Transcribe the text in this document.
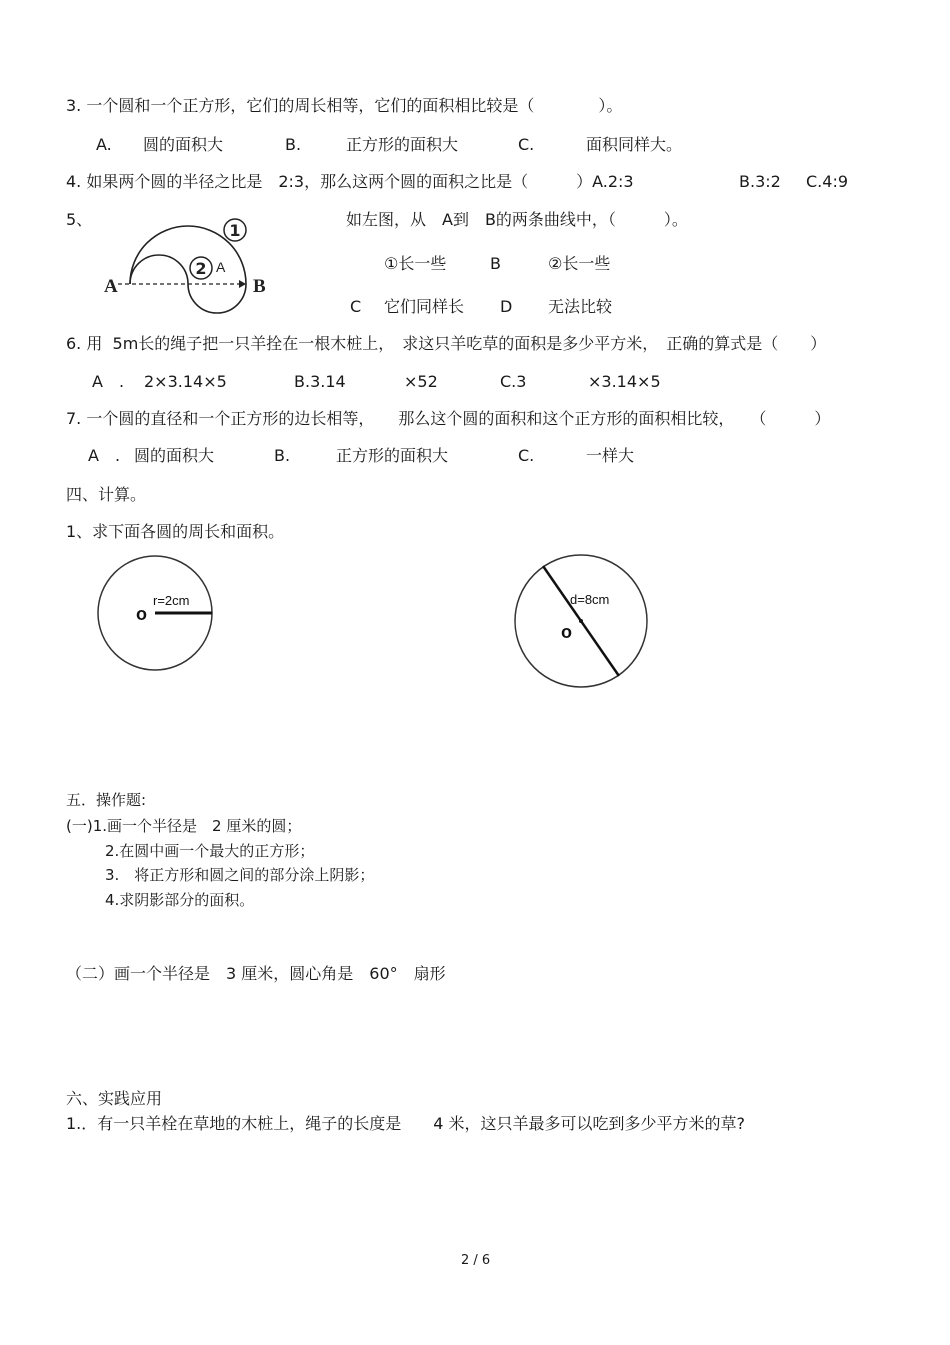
3. 一个圆和一个正方形，它们的周长相等，它们的面积相比较是（　　　　）。
A. 圆的面积大	B.	正方形的面积大	C.	面积同样大。
4. 如果两个圆的半径之比是　2:3，那么这两个圆的面积之比是（　　　）A.2:3	B.3:2 C.4:9
5、	如左图，从　A到　B的两条曲线中，（　　　）。
1
2 A
A	B
①长一些	B	②长一些
C 它们同样长 D 无法比较
6. 用  5m长的绳子把一只羊拴在一根木桩上，　求这只羊吃草的面积是多少平方米，　正确的算式是（　　）
A　. 2×3.14×5	B.3.14	×52	C.3	×3.14×5
7. 一个圆的直径和一个正方形的边长相等，　　那么这个圆的面积和这个正方形的面积相比较，　　（　　　）
A　. 圆的面积大	B.	正方形的面积大	C.	一样大
四、计算。
1、求下面各圆的周长和面积。
o
r=2cm
o
d=8cm
五．操作题:
(一)1.画一个半径是　2 厘米的圆；
2.在圆中画一个最大的正方形；
3.　将正方形和圆之间的部分涂上阴影；
4.求阴影部分的面积。
（二）画一个半径是　3 厘米，圆心角是　60°　扇形
六、实践应用
1.．有一只羊栓在草地的木桩上，绳子的长度是　　4 米，这只羊最多可以吃到多少平方米的草?
2 / 6
